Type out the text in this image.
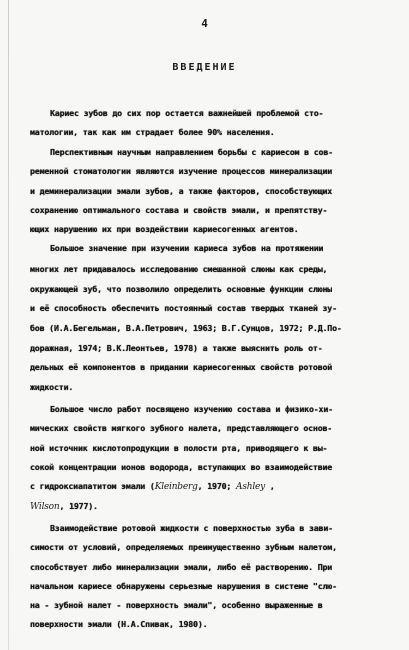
4
ВВЕДЕНИЕ
Кариес зубов до сих пор остается важнейшей проблемой сто-
матологии, так как им страдает более 90% населения.
Перспективным научным направлением борьбы с кариесом в сов-
ременной стоматологии являются изучение процессов минерализации
и деминерализации эмали зубов, а также факторов, способствующих
сохранению оптимального состава и свойств эмали, и препятству-
ющих нарушению их при воздействии кариесогенных агентов.
Большое значение при изучении кариеса зубов на протяжении
многих лет придавалось исследованию смешанной слюны как среды,
окружающей зуб, что позволило определить основные функции слюны
и её способность обеспечить постоянный состав твердых тканей зу-
бов (И.А.Бегельман, В.А.Петрович, 1963; В.Г.Сунцов, 1972; Р.Д.По-
доражная, 1974; В.К.Леонтьев, 1978) а также выяснить роль от-
дельных её компонентов в придании кариесогенных свойств ротовой
жидкости.
Большое число работ посвящено изучению состава и физико-хи-
мических свойств мягкого зубного налета, представляющего основ-
ной источник кислотопродукции в полости рта, приводящего к вы-
сокой концентрации ионов водорода, вступающих во взаимодействие
с гидроксиапатитом эмали (Kleinberg, 1970; Ashley ,
Wilson, 1977).
Взаимодействие ротовой жидкости с поверхностью зуба в зави-
симости от условий, определяемых преимущественно зубным налетом,
способствует либо минерализации эмали, либо её растворению. При
начальном кариесе обнаружены серьезные нарушения в системе "слю-
на - зубной налет - поверхность эмали", особенно выраженные в
поверхности эмали (Н.А.Спивак, 1980).
